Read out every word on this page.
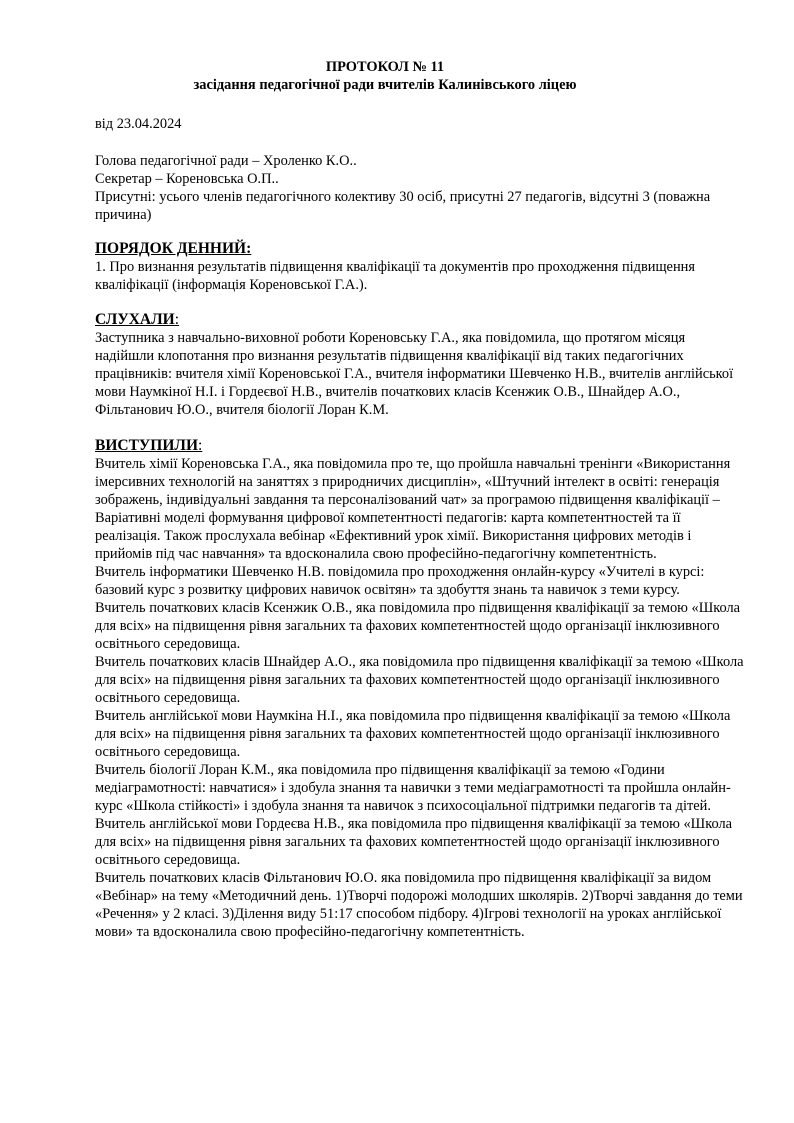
ПРОТОКОЛ № 11
засідання педагогічної ради вчителів Калинівського ліцею
від 23.04.2024

Голова педагогічної ради – Хроленко К.О..

Секретар – Кореновська О.П..

Присутні: усього членів педагогічного колективу 30 осіб, присутні 27 педагогів, відсутні 3 (поважна причина)

ПОРЯДОК ДЕННИЙ:

1. Про визнання результатів підвищення кваліфікації та документів про проходження підвищення кваліфікації (інформація Кореновської Г.А.).

СЛУХАЛИ:

Заступника з навчально-виховної роботи Кореновську Г.А., яка повідомила, що протягом місяця надійшли клопотання про визнання результатів підвищення кваліфікації від таких педагогічних працівників: вчителя хімії Кореновської Г.А., вчителя інформатики Шевченко Н.В., вчителів англійської мови Наумкіної Н.І. і Гордеєвої Н.В., вчителів початкових класів Ксенжик О.В., Шнайдер А.О., Фільтанович Ю.О., вчителя біології Лоран К.М.

ВИСТУПИЛИ:

Вчитель хімії Кореновська Г.А., яка повідомила про те, що пройшла навчальні тренінги «Використання імерсивних технологій на заняттях з природничих дисциплін», «Штучний інтелект в освіті: генерація зображень, індивідуальні завдання та персоналізований чат» за програмою підвищення кваліфікації – Варіативні моделі формування цифрової компетентності педагогів: карта компетентностей та її реалізація. Також прослухала вебінар «Ефективний урок хімії. Використання цифрових методів і прийомів під час навчання» та вдосконалила свою професійно-педагогічну компетентність.

Вчитель інформатики Шевченко Н.В. повідомила про проходження онлайн-курсу «Учителі в курсі: базовий курс з розвитку цифрових навичок освітян» та здобуття знань та навичок з теми курсу.

Вчитель початкових класів Ксенжик О.В., яка повідомила про підвищення кваліфікації за темою «Школа для всіх» на підвищення рівня загальних та фахових компетентностей щодо організації інклюзивного освітнього середовища.

Вчитель початкових класів Шнайдер А.О., яка повідомила про підвищення кваліфікації за темою «Школа для всіх» на підвищення рівня загальних та фахових компетентностей щодо організації інклюзивного освітнього середовища.

Вчитель англійської мови Наумкіна Н.І., яка повідомила про підвищення кваліфікації за темою «Школа для всіх» на підвищення рівня загальних та фахових компетентностей щодо організації інклюзивного освітнього середовища.

Вчитель біології Лоран К.М., яка повідомила про підвищення кваліфікації за темою «Години медіаграмотності: навчатися» і здобула знання та навички з теми медіаграмотності та пройшла онлайн-курс «Школа стійкості» і здобула знання та навичок з психосоціальної підтримки педагогів та дітей.

Вчитель англійської мови Гордеєва Н.В., яка повідомила про підвищення кваліфікації за темою «Школа для всіх» на підвищення рівня загальних та фахових компетентностей щодо організації інклюзивного освітнього середовища.

Вчитель початкових класів Фільтанович Ю.О. яка повідомила про підвищення кваліфікації за видом «Вебінар» на тему «Методичний день. 1)Творчі подорожі молодших школярів. 2)Творчі завдання до теми «Речення» у 2 класі. 3)Ділення виду 51:17 способом підбору. 4)Ігрові технології на уроках англійської мови» та вдосконалила свою професійно-педагогічну компетентність.
